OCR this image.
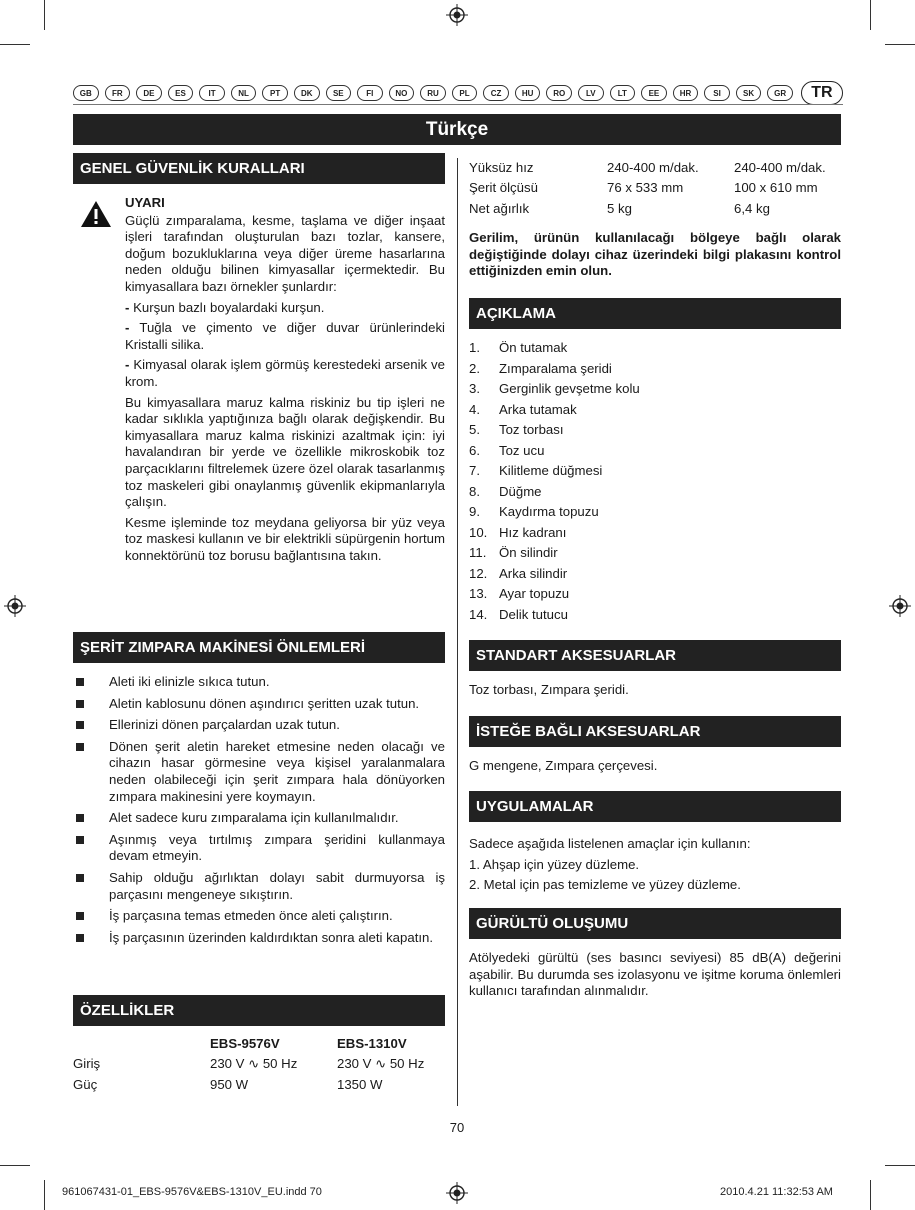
GB	FR	DE	ES	IT	NL	PT	DK	SE	FI	NO	RU	PL	CZ	HU	RO	LV	LT	EE	HR	SI	SK	GR	TR
Türkçe
GENEL GÜVENLİK KURALLARI

UYARI

Güçlü zımparalama, kesme, taşlama ve diğer inşaat işleri tarafından oluşturulan bazı tozlar, kansere, doğum bozukluklarına veya diğer üreme hasarlarına neden olduğu bilinen kimyasallar içermektedir. Bu kimyasallara bazı örnekler şunlardır:

- Kurşun bazlı boyalardaki kurşun.

- Tuğla ve çimento ve diğer duvar ürünlerindeki Kristalli silika.

- Kimyasal olarak işlem görmüş kerestedeki arsenik ve krom.

Bu kimyasallara maruz kalma riskiniz bu tip işleri ne kadar sıklıkla yaptığınıza bağlı olarak değişkendir. Bu kimyasallara maruz kalma riskinizi azaltmak için: iyi havalandıran bir yerde ve özellikle mikroskobik toz parçacıklarını filtrelemek üzere özel olarak tasarlanmış toz maskeleri gibi onaylanmış güvenlik ekipmanlarıyla çalışın.

Kesme işleminde toz meydana geliyorsa bir yüz veya toz maskesi kullanın ve bir elektrikli süpürgenin hortum konnektörünü toz borusu bağlantısına takın.

ŞERİT ZIMPARA MAKİNESİ ÖNLEMLERİ
Aleti iki elinizle sıkıca tutun.
Aletin kablosunu dönen aşındırıcı şeritten uzak tutun.
Ellerinizi dönen parçalardan uzak tutun.
Dönen şerit aletin hareket etmesine neden olacağı ve cihazın hasar görmesine veya kişisel yaralanmalara neden olabileceği için şerit zımpara hala dönüyorken zımpara makinesini yere koymayın.
Alet sadece kuru zımparalama için kullanılmalıdır.
Aşınmış veya tırtılmış zımpara şeridini kullanmaya devam etmeyin.
Sahip olduğu ağırlıktan dolayı sabit durmuyorsa iş parçasını mengeneye sıkıştırın.
İş parçasına temas etmeden önce aleti çalıştırın.
İş parçasının üzerinden kaldırdıktan sonra aleti kapatın.
ÖZELLİKLER
	EBS-9576V	EBS-1310V
Giriş	230 V ∿ 50 Hz	230 V ∿ 50 Hz
Güç	950 W	1350 W
Yüksüz hız	240-400 m/dak.	240-400 m/dak.
Şerit ölçüsü	76 x 533 mm	100 x 610 mm
Net ağırlık	5 kg	6,4 kg
Gerilim, ürünün kullanılacağı bölgeye bağlı olarak değiştiğinde dolayı cihaz üzerindeki bilgi plakasını kontrol ettiğinizden emin olun.
AÇIKLAMA
1.	Ön tutamak
2.	Zımparalama şeridi
3.	Gerginlik gevşetme kolu
4.	Arka tutamak
5.	Toz torbası
6.	Toz ucu
7.	Kilitleme düğmesi
8.	Düğme
9.	Kaydırma topuzu
10. Hız kadranı
11. Ön silindir
12. Arka silindir
13. Ayar topuzu
14. Delik tutucu
STANDART AKSESUARLAR
Toz torbası, Zımpara şeridi.
İSTEĞE BAĞLI AKSESUARLAR
G mengene, Zımpara çerçevesi.
UYGULAMALAR
Sadece aşağıda listelenen amaçlar için kullanın:
1. Ahşap için yüzey düzleme.
2. Metal için pas temizleme ve yüzey düzleme.
GÜRÜLTÜ OLUŞUMU
Atölyedeki gürültü (ses basıncı seviyesi) 85 dB(A) değerini aşabilir. Bu durumda ses izolasyonu ve işitme koruma önlemleri kullanıcı tarafından alınmalıdır.
70
961067431-01_EBS-9576V&EBS-1310V_EU.indd 70	2010.4.21 11:32:53 AM
